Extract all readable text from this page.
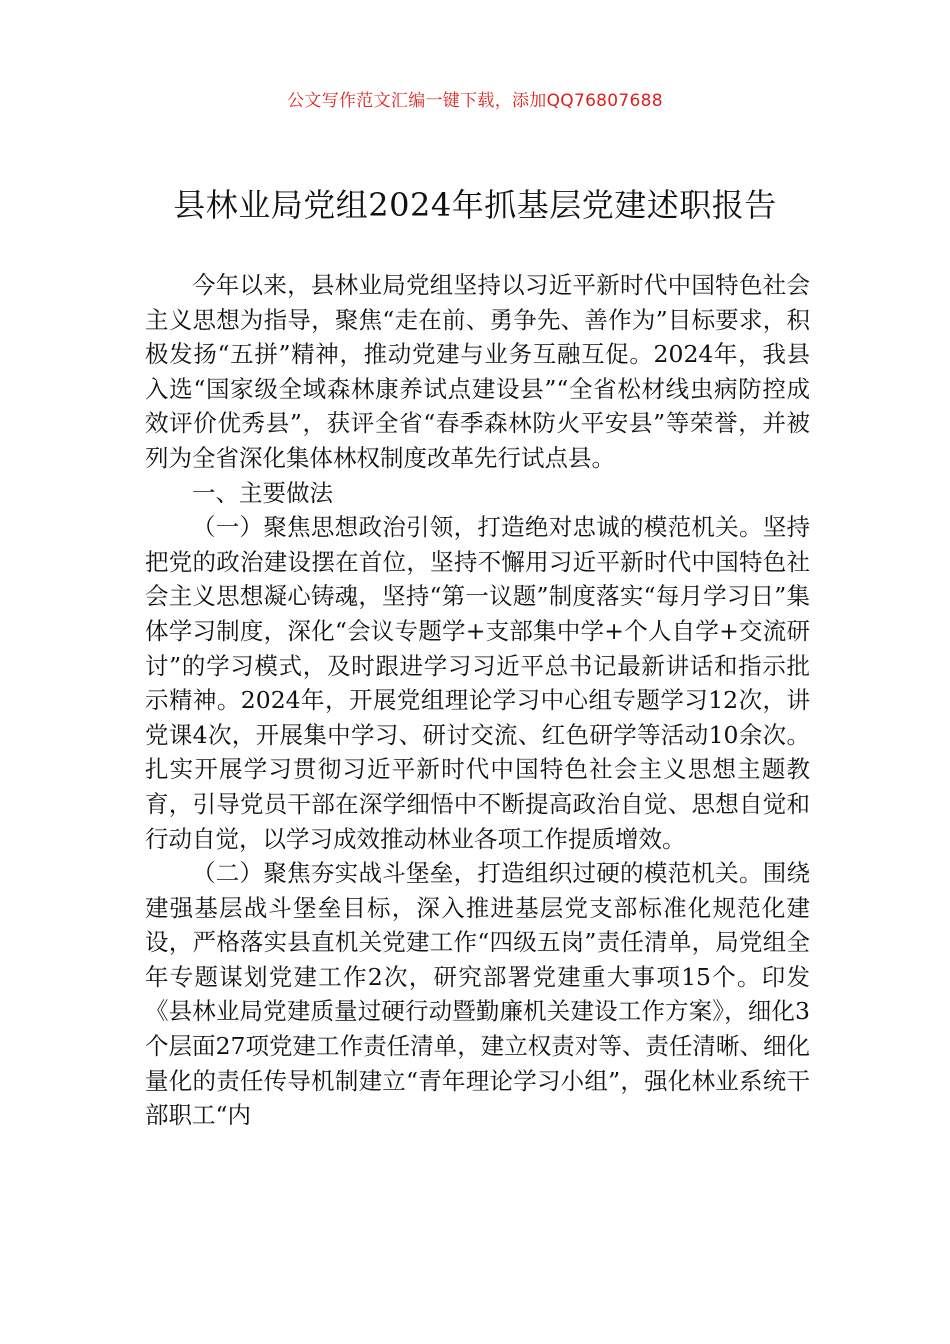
公文写作范文汇编一键下载，添加QQ76807688
县林业局党组2024年抓基层党建述职报告

今年以来，县林业局党组坚持以习近平新时代中国特色社会主义思想为指导，聚焦“走在前、勇争先、善作为”目标要求，积极发扬“五拼”精神，推动党建与业务互融互促。2024年，我县入选“国家级全域森林康养试点建设县”“全省松材线虫病防控成效评价优秀县”，获评全省“春季森林防火平安县”等荣誉，并被列为全省深化集体林权制度改革先行试点县。

一、主要做法

（一）聚焦思想政治引领，打造绝对忠诚的模范机关。坚持把党的政治建设摆在首位，坚持不懈用习近平新时代中国特色社会主义思想凝心铸魂，坚持“第一议题”制度落实“每月学习日”集体学习制度，深化“会议专题学+支部集中学+个人自学+交流研讨”的学习模式，及时跟进学习习近平总书记最新讲话和指示批示精神。2024年，开展党组理论学习中心组专题学习12次，讲党课4次，开展集中学习、研讨交流、红色研学等活动10余次。扎实开展学习贯彻习近平新时代中国特色社会主义思想主题教育，引导党员干部在深学细悟中不断提高政治自觉、思想自觉和行动自觉，以学习成效推动林业各项工作提质增效。

（二）聚焦夯实战斗堡垒，打造组织过硬的模范机关。围绕建强基层战斗堡垒目标，深入推进基层党支部标准化规范化建设，严格落实县直机关党建工作“四级五岗”责任清单，局党组全年专题谋划党建工作2次，研究部署党建重大事项15个。印发《县林业局党建质量过硬行动暨勤廉机关建设工作方案》，细化3个层面27项党建工作责任清单，建立权责对等、责任清晰、细化量化的责任传导机制建立“青年理论学习小组”，强化林业系统干部职工“内
